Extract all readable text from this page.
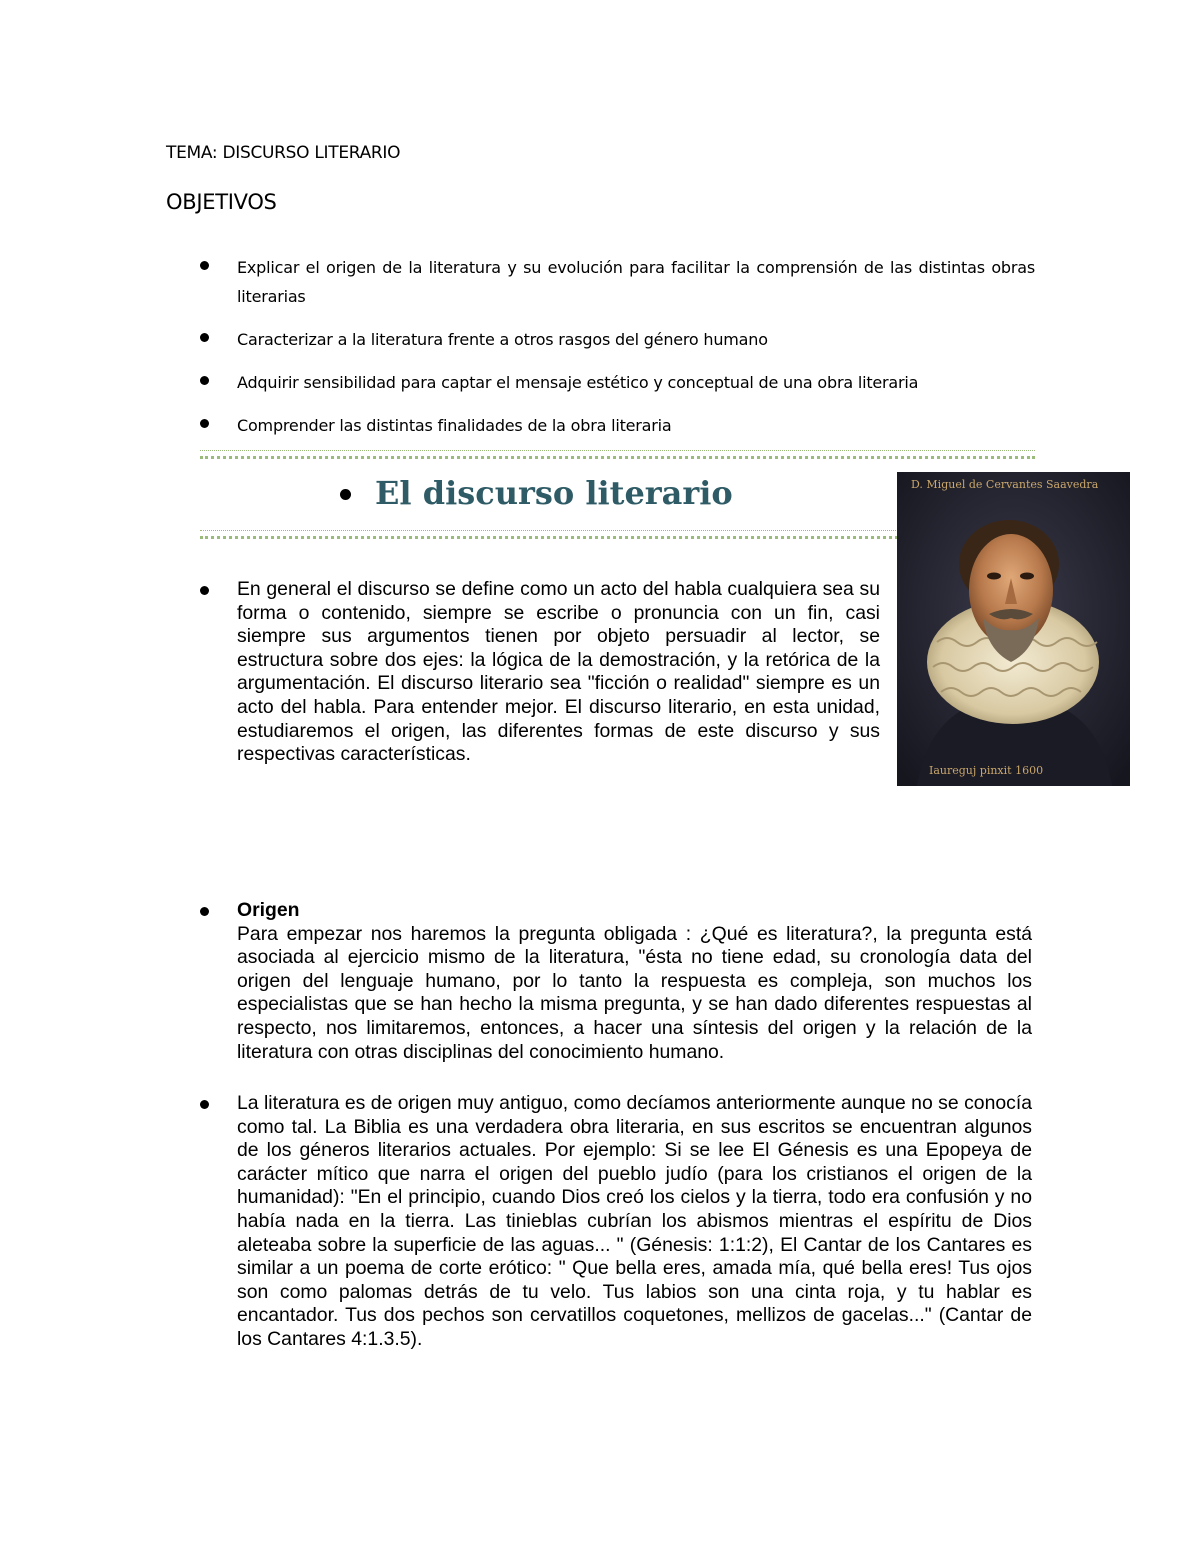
TEMA: DISCURSO LITERARIO
OBJETIVOS
Explicar el origen de la literatura y su evolución para facilitar la comprensión de las distintas obras literarias
Caracterizar a la literatura frente a otros rasgos del género humano
Adquirir sensibilidad para captar el mensaje estético y conceptual de una obra literaria
Comprender las distintas finalidades de la obra literaria
El discurso literario	D. Miguel de Cervantes Saavedra
Iaureguj pinxit 1600
En general el discurso se define como un acto del habla cualquiera sea su forma o contenido, siempre se escribe o pronuncia con un fin, casi siempre sus argumentos tienen por objeto persuadir al lector, se estructura sobre dos ejes: la lógica de la demostración, y la retórica de la argumentación. El discurso literario sea "ficción o realidad" siempre es un acto del habla. Para entender mejor. El discurso literario, en esta unidad, estudiaremos el origen, las diferentes formas de este discurso y sus respectivas características.
Origen
Para empezar nos haremos la pregunta obligada : ¿Qué es literatura?, la pregunta está asociada al ejercicio mismo de la literatura, "ésta no tiene edad, su cronología data del origen del lenguaje humano, por lo tanto la respuesta es compleja, son muchos los especialistas que se han hecho la misma pregunta, y se han dado diferentes respuestas al respecto, nos limitaremos, entonces, a hacer una síntesis del origen y la relación de la literatura con otras disciplinas del conocimiento humano.
La literatura es de origen muy antiguo, como decíamos anteriormente aunque no se conocía como tal. La Biblia es una verdadera obra literaria, en sus escritos se encuentran algunos de los géneros literarios actuales. Por ejemplo: Si se lee El Génesis es una Epopeya de carácter mítico que narra el origen del pueblo judío (para los cristianos el origen de la humanidad): "En el principio, cuando Dios creó los cielos y la tierra, todo era confusión y no había nada en la tierra. Las tinieblas cubrían los abismos mientras el espíritu de Dios aleteaba sobre la superficie de las aguas... " (Génesis: 1:1:2), El Cantar de los Cantares es similar a un poema de corte erótico: " Que bella eres, amada mía, qué bella eres! Tus ojos son como palomas detrás de tu velo. Tus labios son una cinta roja, y tu hablar es encantador. Tus dos pechos son cervatillos coquetones, mellizos de gacelas..." (Cantar de los Cantares 4:1.3.5).
